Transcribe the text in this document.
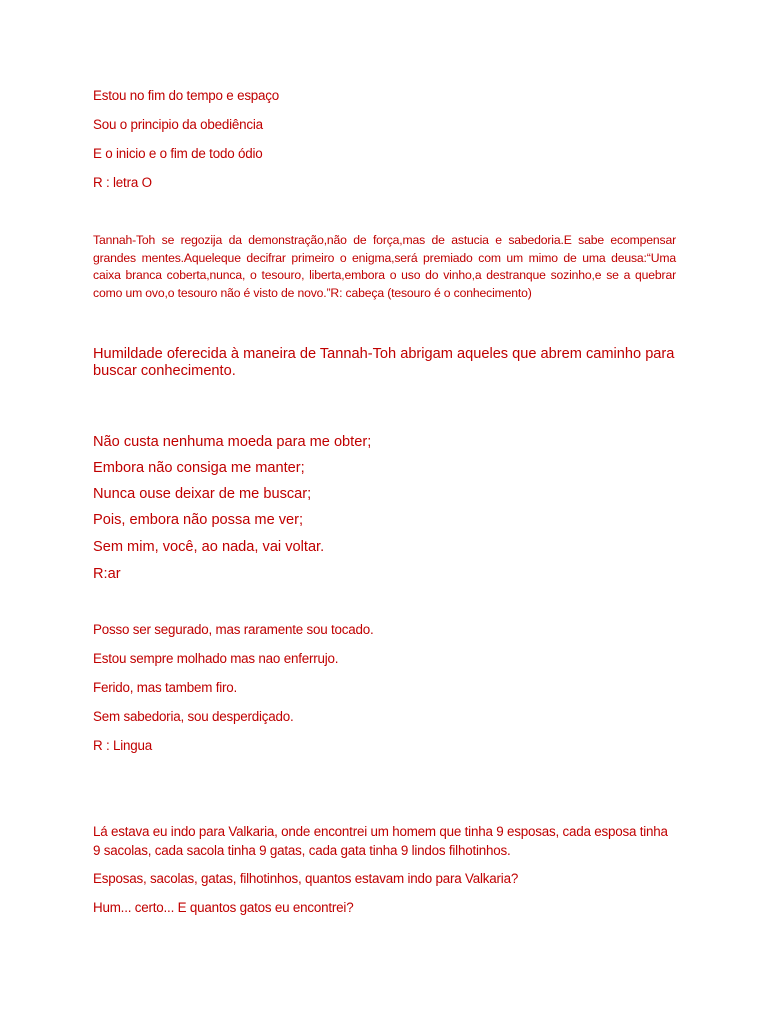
Estou no fim do tempo e espaço

Sou o principio da obediência

E o inicio e o fim de todo ódio

R : letra O

Tannah-Toh se regozija da demonstração,não de força,mas de astucia e sabedoria.E sabe ecompensar grandes mentes.Aqueleque decifrar primeiro o enigma,será premiado com um mimo de uma deusa:“Uma caixa branca coberta,nunca, o tesouro, liberta,embora o uso do vinho,a destranque sozinho,e se a quebrar como um ovo,o tesouro não é visto de novo.”R: cabeça (tesouro é o conhecimento)

Humildade oferecida à maneira de Tannah-Toh abrigam aqueles que abrem caminho para buscar conhecimento.

Não custa nenhuma moeda para me obter;

Embora não consiga me manter;

Nunca ouse deixar de me buscar;

Pois, embora não possa me ver;

Sem mim, você, ao nada, vai voltar.

R:ar

Posso ser segurado, mas raramente sou tocado.

Estou sempre molhado mas nao enferrujo.

Ferido, mas tambem firo.

Sem sabedoria, sou desperdiçado.

R : Lingua

Lá estava eu indo para Valkaria, onde encontrei um homem que tinha 9 esposas, cada esposa tinha 9 sacolas, cada sacola tinha 9 gatas, cada gata tinha 9 lindos filhotinhos.

Esposas, sacolas, gatas, filhotinhos, quantos estavam indo para Valkaria?

Hum... certo... E quantos gatos eu encontrei?
